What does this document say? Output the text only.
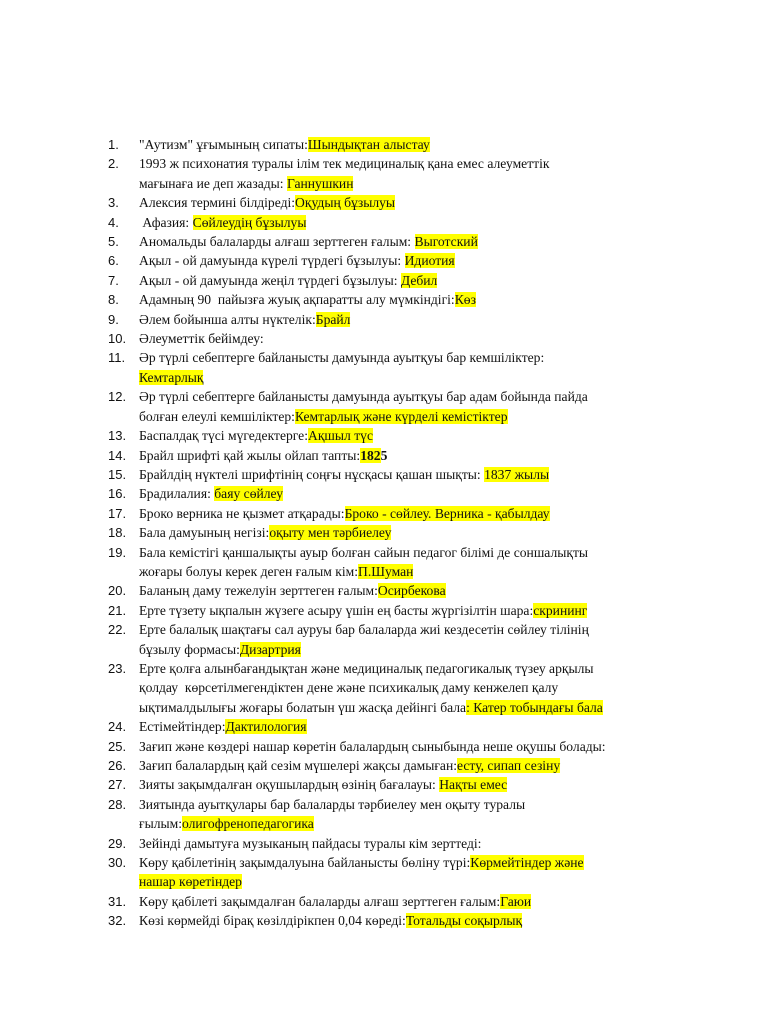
1.	"Аутизм" ұғымының сипаты:Шындықтан алыстау
2.	1993 ж психонатия туралы ілім тек медициналық қана емес алеуметтік
мағынаға ие деп жазады: Ганнушкин
3.	Алексия термині білдіреді:Оқудың бұзылуы
4.	Афазия: Сөйлеудің бұзылуы
5.	Аномальды балаларды алғаш зерттеген ғалым: Выготский
6.	Ақыл - ой дамуында күрелі түрдегі бұзылуы: Идиотия
7.	Ақыл - ой дамуында жеңіл түрдегі бұзылуы: Дебил
8.	Адамның 90  пайызға жуық ақпаратты алу мүмкіндігі:Көз
9.	Әлем бойынша алты нүктелік:Брайл
10. Әлеуметтік бейімдеу:
11.	Әр түрлі себептерге байланысты дамуында ауытқуы бар кемшіліктер:
Кемтарлық
12. Әр түрлі себептерге байланысты дамуында ауытқуы бар адам бойында пайда
болған елеулі кемшіліктер:Кемтарлық және күрделі кемістіктер
13. Баспалдақ түсі мүгедектерге:Ақшыл түс
14. Брайл шрифті қай жылы ойлап тапты:1825
15. Брайлдің нүктелі шрифтінің соңғы нұсқасы қашан шықты: 1837 жылы
16. Брадилалия: баяу сөйлеу
17. Броко верника не қызмет атқарады:Броко - сөйлеу. Верника - қабылдау
18. Бала дамуының негізі:оқыту мен тәрбиелеу
19. Бала кемістігі қаншалықты ауыр болған сайын педагог білімі де соншалықты
жоғары болуы керек деген ғалым кім:П.Шуман
20. Баланың даму тежелуін зерттеген ғалым:Осирбекова
21. Ерте түзету ықпалын жүзеге асыру үшін ең басты жүргізілтін шара:скрининг
22. Ерте балалық шақтағы сал ауруы бар балаларда жиі кездесетін сөйлеу тілінің
бұзылу формасы:Дизартрия
23. Ерте қолға алынбағандықтан және медициналық педагогикалық түзеу арқылы
қолдау  көрсетілмегендіктен дене және психикалық даму кенжелеп қалу
ықтималдылығы жоғары болатын үш жасқа дейінгі бала: Катер тобындағы бала
24. Естімейтіндер:Дактилология
25. Зағип және көздері нашар көретін балалардың сыныбында неше оқушы болады:
26. Зағип балалардың қай сезім мүшелері жақсы дамыған:есту, сипап сезіну
27. Зияты зақымдалған оқушылардың өзінің бағалауы: Нақты емес
28. Зиятында ауытқулары бар балаларды тәрбиелеу мен оқыту туралы
ғылым:олигофренопедагогика
29. Зейінді дамытуға музыканың пайдасы туралы кім зерттеді:
30. Көру қабілетінің зақымдалуына байланысты бөліну түрі:Көрмейтіндер және
нашар көретіндер
31. Көру қабілеті зақымдалған балаларды алғаш зерттеген ғалым:Гаюи
32. Көзі көрмейді бірақ көзілдірікпен 0,04 көреді:Тотальды соқырлық
